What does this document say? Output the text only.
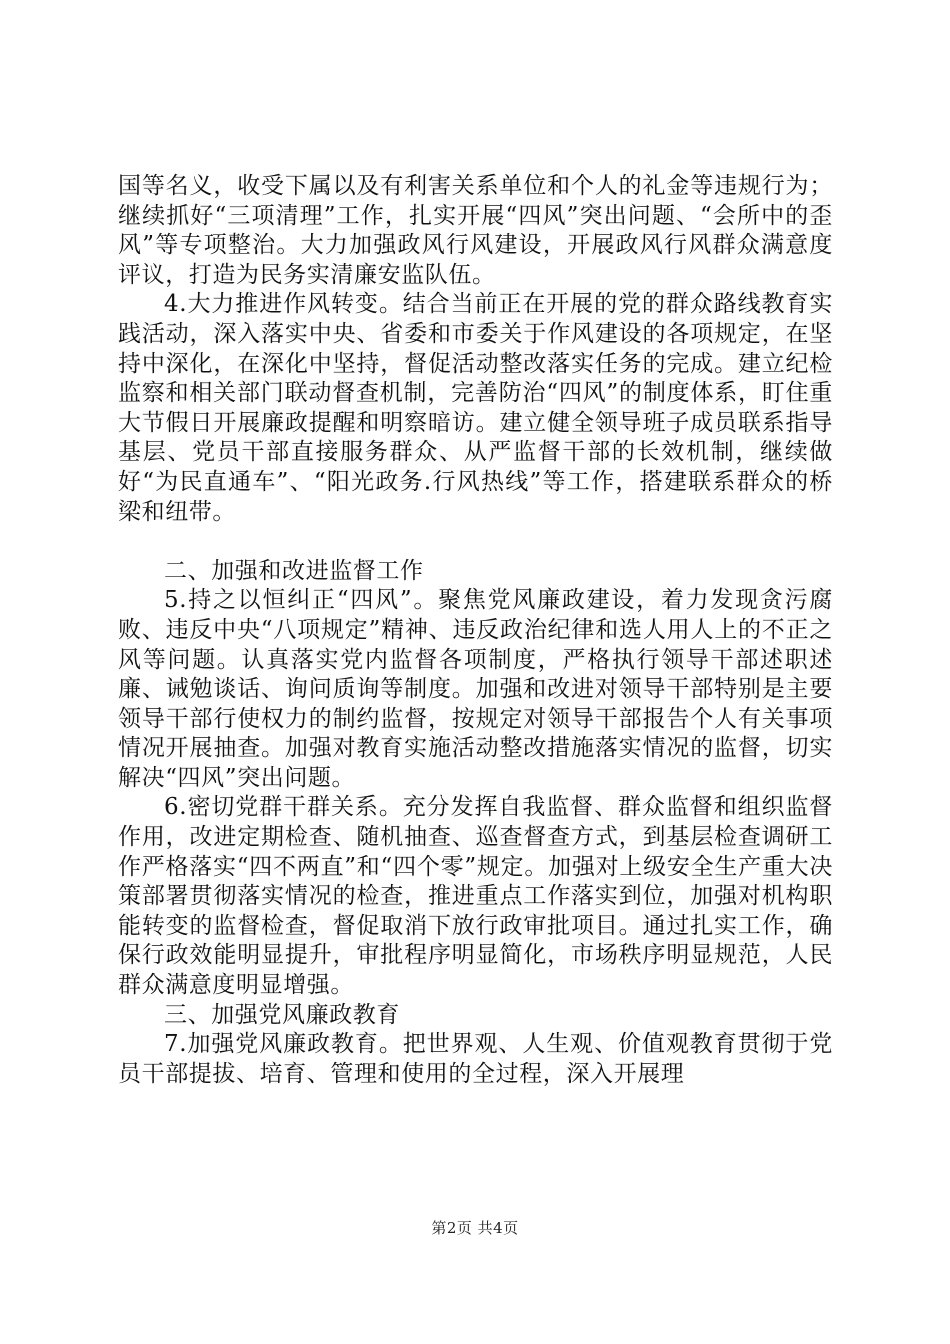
国等名义，收受下属以及有利害关系单位和个人的礼金等违规行为；继续抓好“三项清理”工作，扎实开展“四风”突出问题、“会所中的歪风”等专项整治。大力加强政风行风建设，开展政风行风群众满意度评议，打造为民务实清廉安监队伍。

4.大力推进作风转变。结合当前正在开展的党的群众路线教育实践活动，深入落实中央、省委和市委关于作风建设的各项规定，在坚持中深化，在深化中坚持，督促活动整改落实任务的完成。建立纪检监察和相关部门联动督查机制，完善防治“四风”的制度体系，盯住重大节假日开展廉政提醒和明察暗访。建立健全领导班子成员联系指导基层、党员干部直接服务群众、从严监督干部的长效机制，继续做好“为民直通车”、“阳光政务.行风热线”等工作，搭建联系群众的桥梁和纽带。

二、加强和改进监督工作

5.持之以恒纠正“四风”。聚焦党风廉政建设，着力发现贪污腐败、违反中央“八项规定”精神、违反政治纪律和选人用人上的不正之风等问题。认真落实党内监督各项制度，严格执行领导干部述职述廉、诫勉谈话、询问质询等制度。加强和改进对领导干部特别是主要领导干部行使权力的制约监督，按规定对领导干部报告个人有关事项情况开展抽查。加强对教育实施活动整改措施落实情况的监督，切实解决“四风”突出问题。

6.密切党群干群关系。充分发挥自我监督、群众监督和组织监督作用，改进定期检查、随机抽查、巡查督查方式，到基层检查调研工作严格落实“四不两直”和“四个零”规定。加强对上级安全生产重大决策部署贯彻落实情况的检查，推进重点工作落实到位，加强对机构职能转变的监督检查，督促取消下放行政审批项目。通过扎实工作，确保行政效能明显提升，审批程序明显简化，市场秩序明显规范，人民群众满意度明显增强。

三、加强党风廉政教育

7.加强党风廉政教育。把世界观、人生观、价值观教育贯彻于党员干部提拔、培育、管理和使用的全过程，深入开展理

第2页 共4页
